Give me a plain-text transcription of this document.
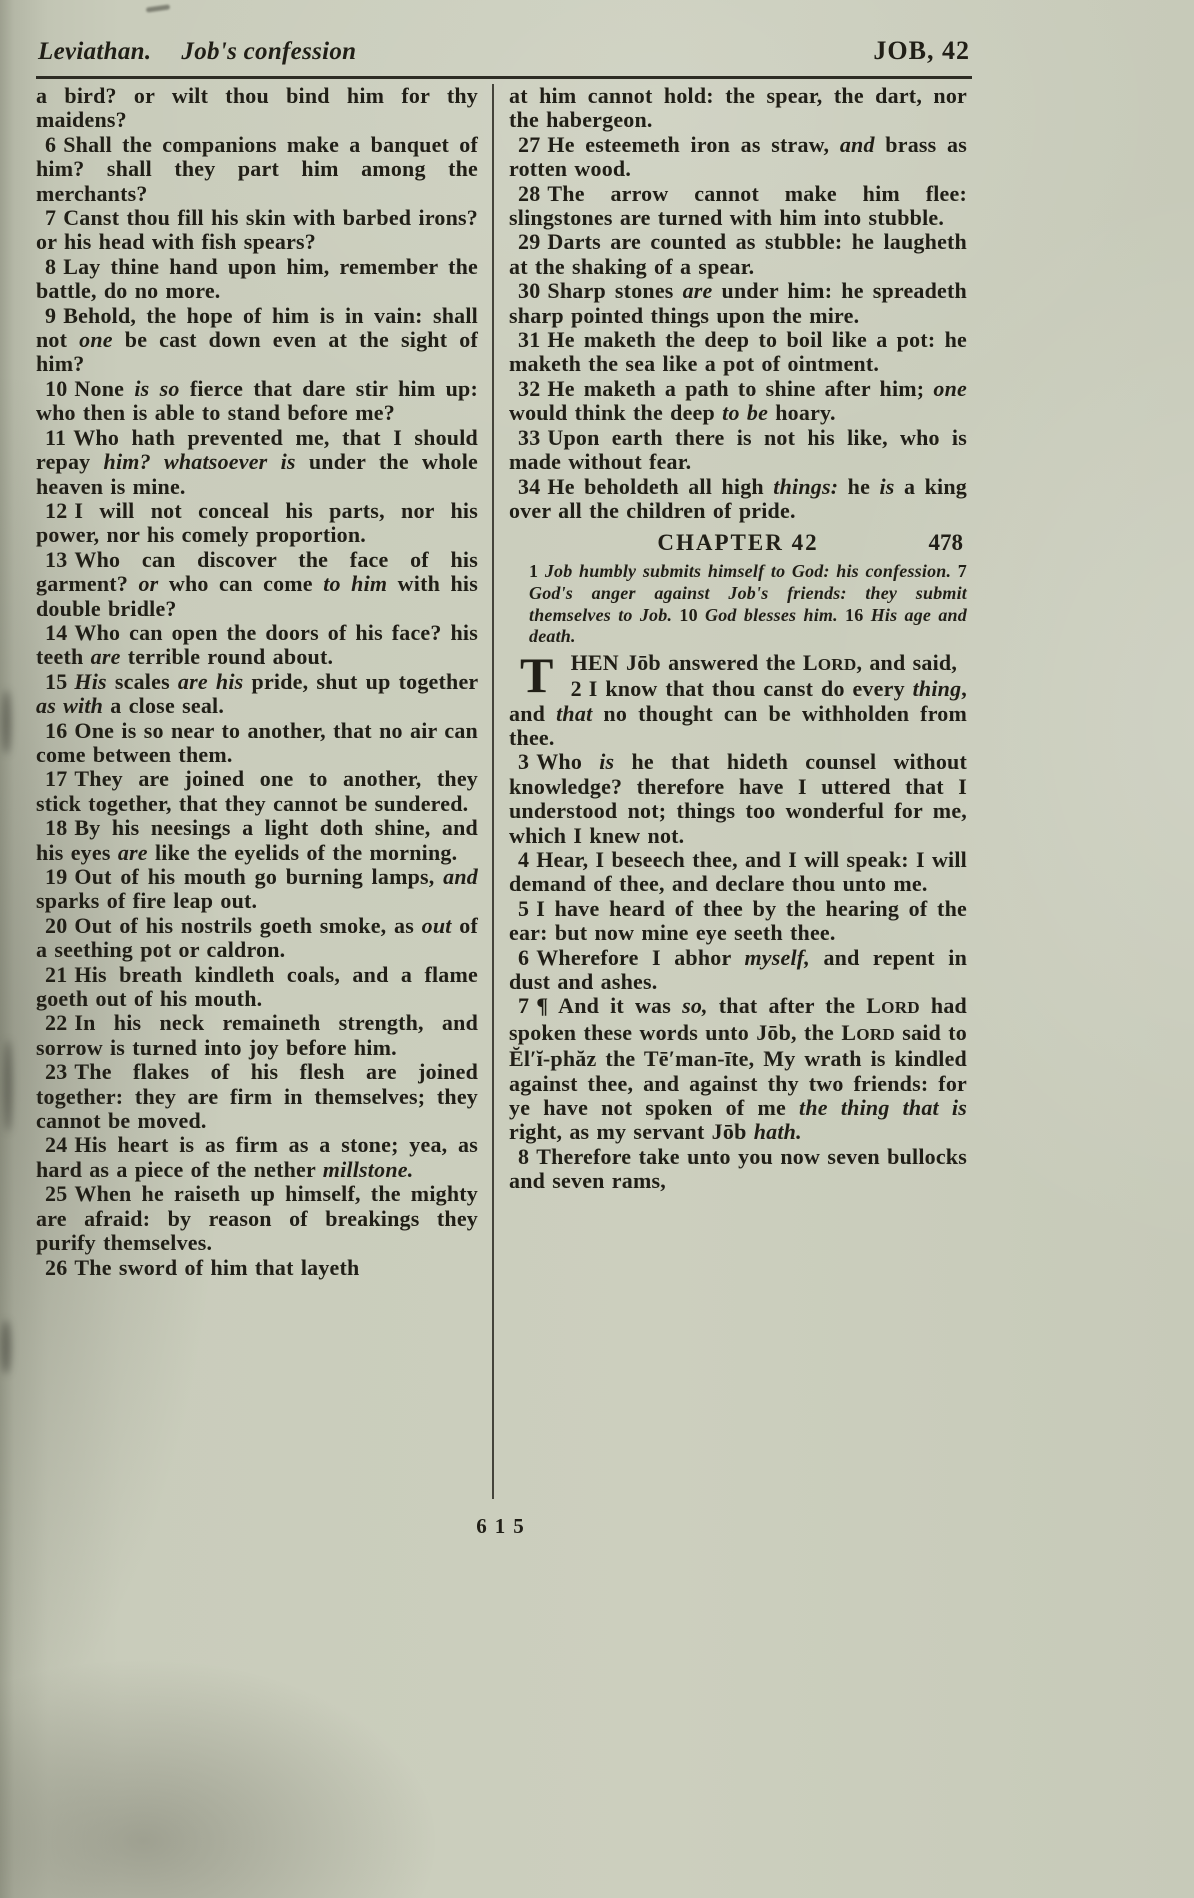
Leviathan. Job's confession	JOB, 42

a bird? or wilt thou bind him for thy maidens?

6 Shall the companions make a banquet of him? shall they part him among the merchants?

7 Canst thou fill his skin with barbed irons? or his head with fish spears?

8 Lay thine hand upon him, remember the battle, do no more.

9 Behold, the hope of him is in vain: shall not one be cast down even at the sight of him?

10 None is so fierce that dare stir him up: who then is able to stand before me?

11 Who hath prevented me, that I should repay him? whatsoever is under the whole heaven is mine.

12 I will not conceal his parts, nor his power, nor his comely proportion.

13 Who can discover the face of his garment? or who can come to him with his double bridle?

14 Who can open the doors of his face? his teeth are terrible round about.

15 His scales are his pride, shut up together as with a close seal.

16 One is so near to another, that no air can come between them.

17 They are joined one to another, they stick together, that they cannot be sundered.

18 By his neesings a light doth shine, and his eyes are like the eyelids of the morning.

19 Out of his mouth go burning lamps, and sparks of fire leap out.

20 Out of his nostrils goeth smoke, as out of a seething pot or caldron.

21 His breath kindleth coals, and a flame goeth out of his mouth.

22 In his neck remaineth strength, and sorrow is turned into joy before him.

23 The flakes of his flesh are joined together: they are firm in themselves; they cannot be moved.

24 His heart is as firm as a stone; yea, as hard as a piece of the nether millstone.

25 When he raiseth up himself, the mighty are afraid: by reason of breakings they purify themselves.

26 The sword of him that layeth

at him cannot hold: the spear, the dart, nor the habergeon.

27 He esteemeth iron as straw, and brass as rotten wood.

28 The arrow cannot make him flee: slingstones are turned with him into stubble.

29 Darts are counted as stubble: he laugheth at the shaking of a spear.

30 Sharp stones are under him: he spreadeth sharp pointed things upon the mire.

31 He maketh the deep to boil like a pot: he maketh the sea like a pot of ointment.

32 He maketh a path to shine after him; one would think the deep to be hoary.

33 Upon earth there is not his like, who is made without fear.

34 He beholdeth all high things: he is a king over all the children of pride.

CHAPTER 42	478

1 Job humbly submits himself to God: his confession. 7 God's anger against Job's friends: they submit themselves to Job. 10 God blesses him. 16 His age and death.

THEN Jōb answered the LORD, and said,

2 I know that thou canst do every thing, and that no thought can be withholden from thee.

3 Who is he that hideth counsel without knowledge? therefore have I uttered that I understood not; things too wonderful for me, which I knew not.

4 Hear, I beseech thee, and I will speak: I will demand of thee, and declare thou unto me.

5 I have heard of thee by the hearing of the ear: but now mine eye seeth thee.

6 Wherefore I abhor myself, and repent in dust and ashes.

7 ¶ And it was so, that after the LORD had spoken these words unto Jōb, the LORD said to Ĕl′ĭ-phăz the Tē′man-īte, My wrath is kindled against thee, and against thy two friends: for ye have not spoken of me the thing that is right, as my servant Jōb hath.

8 Therefore take unto you now seven bullocks and seven rams,

615
